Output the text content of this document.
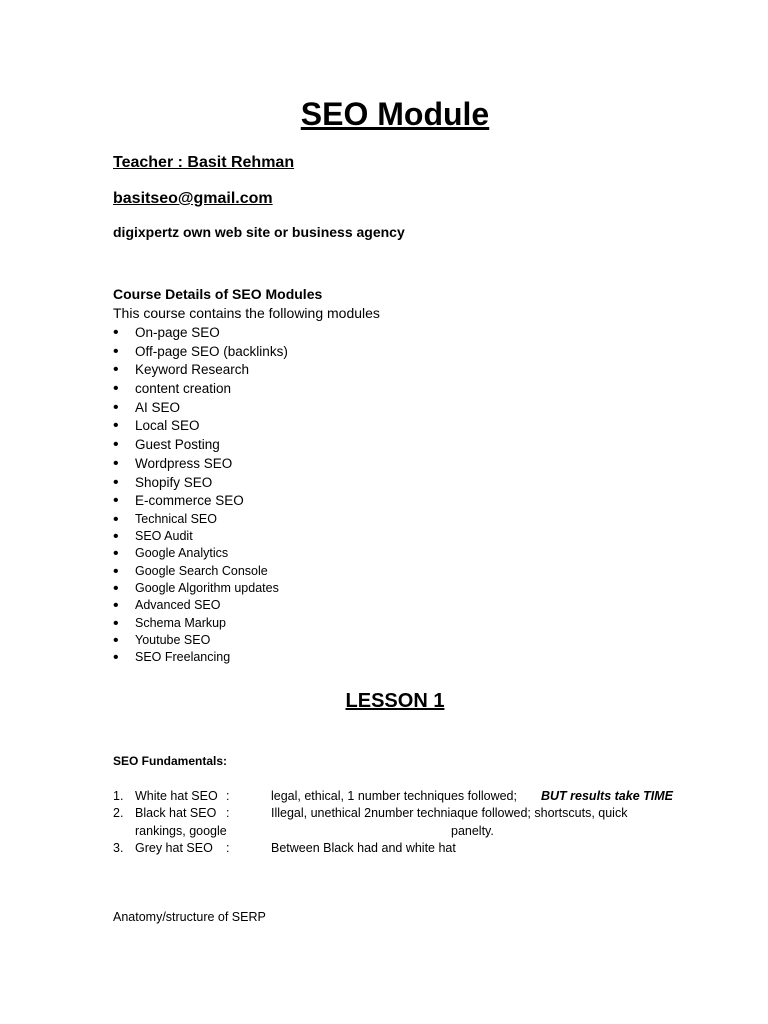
SEO Module
Teacher : Basit Rehman
basitseo@gmail.com
digixpertz own web site or business agency
Course Details of SEO Modules
This course contains the following modules
• On-page SEO
• Off-page SEO (backlinks)
• Keyword Research
• content creation
• AI SEO
• Local SEO
• Guest Posting
• Wordpress SEO
• Shopify SEO
• E-commerce SEO
• Technical SEO
• SEO Audit
• Google Analytics
• Google Search Console
• Google Algorithm updates
• Advanced SEO
• Schema Markup
• Youtube SEO
• SEO Freelancing
LESSON 1
SEO Fundamentals:
1. White hat SEO :	legal, ethical, 1 number techniques followed; BUT results take TIME
2. Black hat SEO :	Illegal, unethical 2number techniaque followed; shortscuts, quick
rankings, google	panelty.
3. Grey hat SEO :	Between Black had and white hat
Anatomy/structure of SERP
